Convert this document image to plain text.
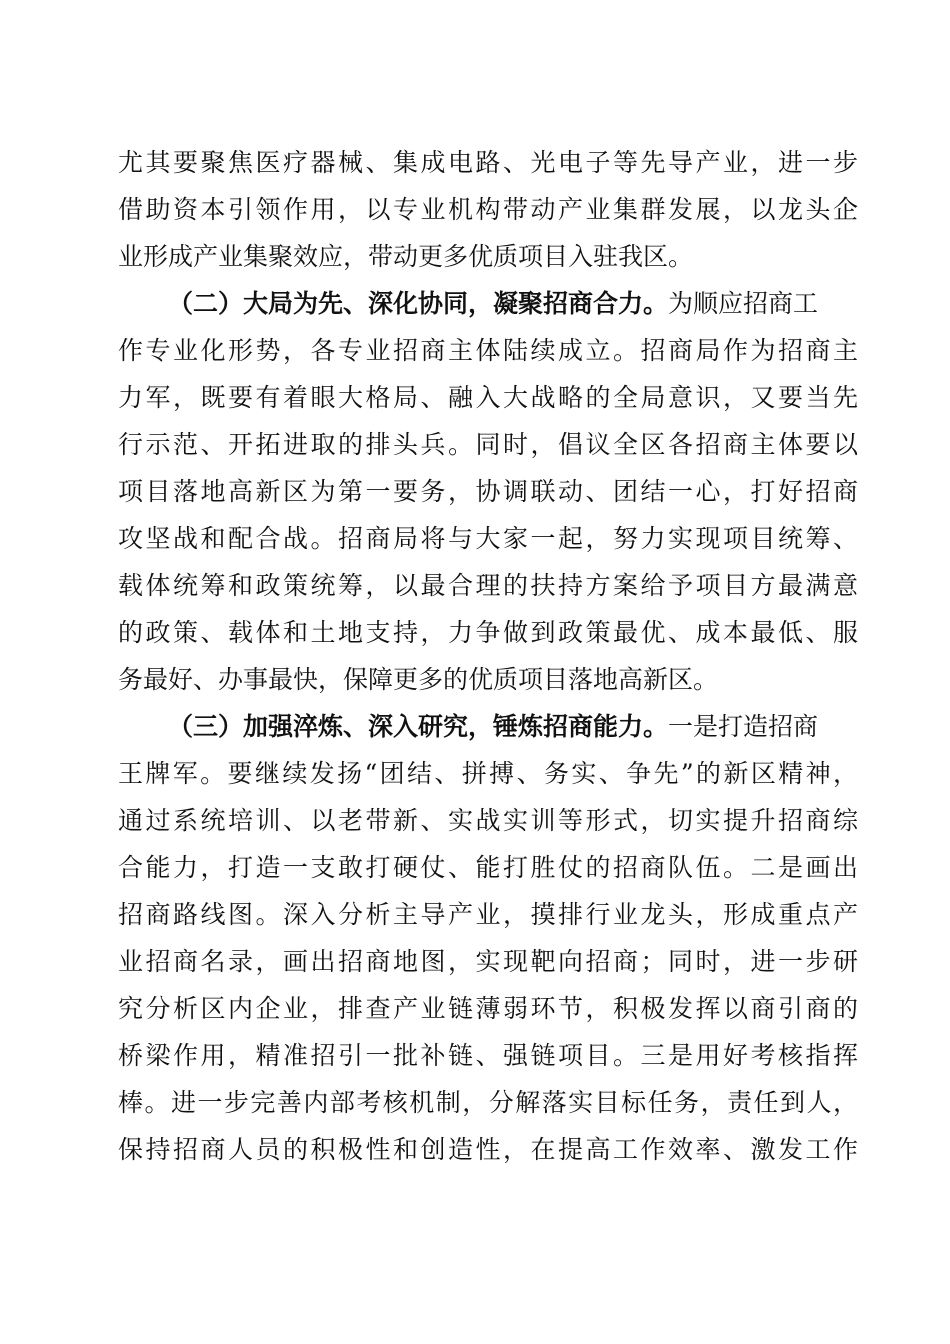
尤其要聚焦医疗器械、集成电路、光电子等先导产业，进一步
借助资本引领作用，以专业机构带动产业集群发展，以龙头企
业形成产业集聚效应，带动更多优质项目入驻我区。
（二）大局为先、深化协同，凝聚招商合力。为顺应招商工
作专业化形势，各专业招商主体陆续成立。招商局作为招商主
力军，既要有着眼大格局、融入大战略的全局意识，又要当先
行示范、开拓进取的排头兵。同时，倡议全区各招商主体要以
项目落地高新区为第一要务，协调联动、团结一心，打好招商
攻坚战和配合战。招商局将与大家一起，努力实现项目统筹、
载体统筹和政策统筹，以最合理的扶持方案给予项目方最满意
的政策、载体和土地支持，力争做到政策最优、成本最低、服
务最好、办事最快，保障更多的优质项目落地高新区。
（三）加强淬炼、深入研究，锤炼招商能力。一是打造招商
王牌军。要继续发扬“团结、拼搏、务实、争先”的新区精神，
通过系统培训、以老带新、实战实训等形式，切实提升招商综
合能力，打造一支敢打硬仗、能打胜仗的招商队伍。二是画出
招商路线图。深入分析主导产业，摸排行业龙头，形成重点产
业招商名录，画出招商地图，实现靶向招商；同时，进一步研
究分析区内企业，排查产业链薄弱环节，积极发挥以商引商的
桥梁作用，精准招引一批补链、强链项目。三是用好考核指挥
棒。进一步完善内部考核机制，分解落实目标任务，责任到人，
保持招商人员的积极性和创造性，在提高工作效率、激发工作
